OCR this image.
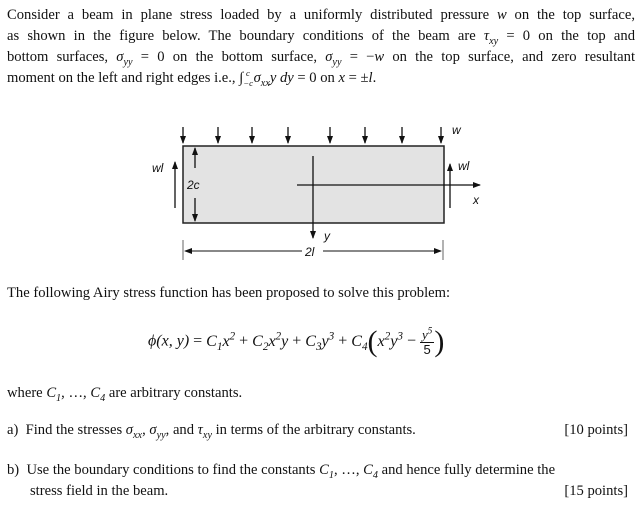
Consider a beam in plane stress loaded by a uniformly distributed pressure w on the top surface,
as shown in the figure below. The boundary conditions of the beam are $\tau_{xy} = 0$ on the top and
bottom surfaces, $\sigma_{yy} = 0$ on the bottom surface, $\sigma_{yy} = -w$ on the top surface, and zero resultant
moment on the left and right edges i.e., $\int_{-c}^c$ $\sigma_{xx}y$ dy = 0 on x = ±l.
w
wl	wl
2c
x
y
2l
The following Airy stress function has been proposed to solve this problem:
ϕ(x, $y) = C_1x^2 + C_2x^2y + C_3y^3 + C_4(x^2y^3 - \frac{y^5}{5}$ )
where $C_1$, …, $C_4$ are arbitrary constants.
a)  Find the stresses $\sigma_{xx}$, $\sigma_{yy}$, and $\tau_{xy}$ in terms of the arbitrary constants.	[10 points]
b)  Use the boundary conditions to find the constants $C_1$, …, $C_4$ and hence fully determine the
stress field in the beam.	[15 points]
